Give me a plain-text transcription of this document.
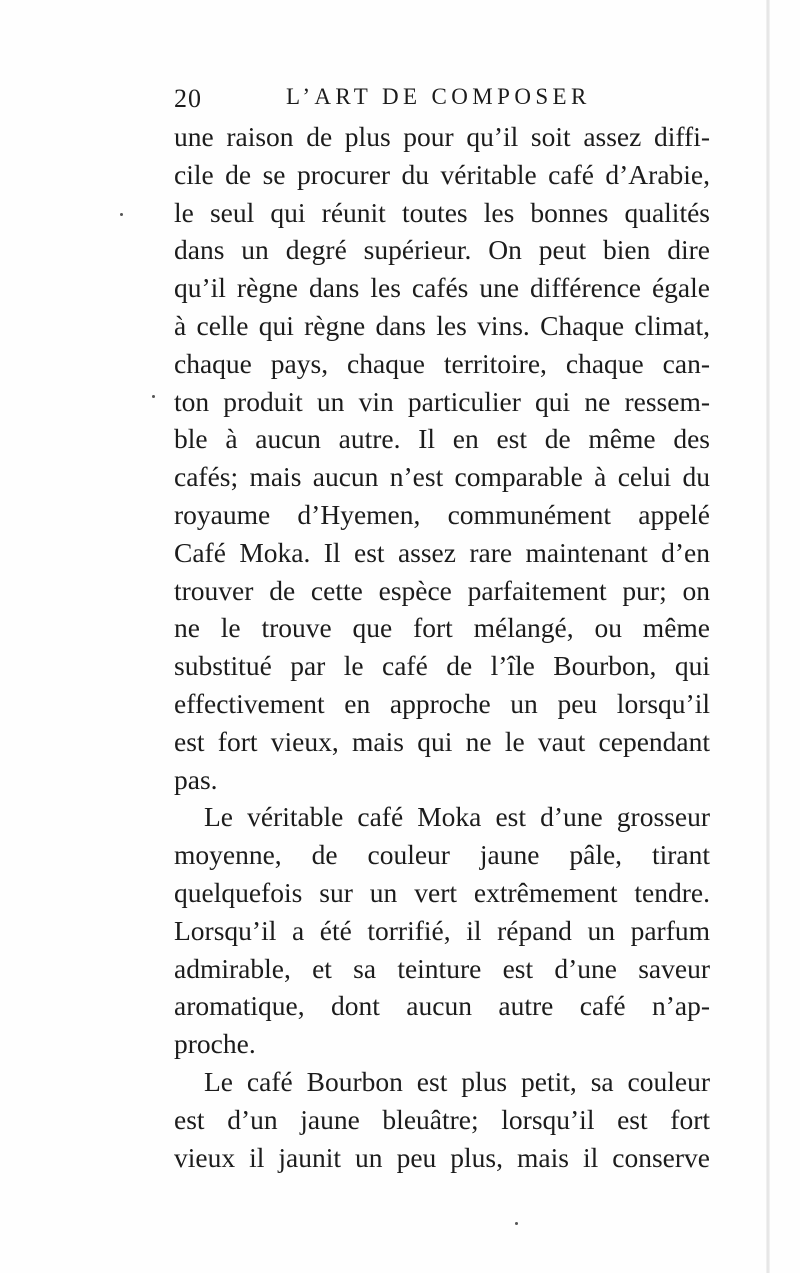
20	L’ART DE COMPOSER
une raison de plus pour qu’il soit assez diffi-
cile de se procurer du véritable café d’Arabie,
le seul qui réunit toutes les bonnes qualités
dans un degré supérieur. On peut bien dire
qu’il règne dans les cafés une différence égale
à celle qui règne dans les vins. Chaque climat,
chaque pays, chaque territoire, chaque can-
ton produit un vin particulier qui ne ressem-
ble à aucun autre. Il en est de même des
cafés; mais aucun n’est comparable à celui du
royaume d’Hyemen, communément appelé
Café Moka. Il est assez rare maintenant d’en
trouver de cette espèce parfaitement pur; on
ne le trouve que fort mélangé, ou même
substitué par le café de l’île Bourbon, qui
effectivement en approche un peu lorsqu’il
est fort vieux, mais qui ne le vaut cependant
pas.
Le véritable café Moka est d’une grosseur
moyenne, de couleur jaune pâle, tirant
quelquefois sur un vert extrêmement tendre.
Lorsqu’il a été torrifié, il répand un parfum
admirable, et sa teinture est d’une saveur
aromatique, dont aucun autre café n’ap-
proche.
Le café Bourbon est plus petit, sa couleur
est d’un jaune bleuâtre; lorsqu’il est fort
vieux il jaunit un peu plus, mais il conserve
